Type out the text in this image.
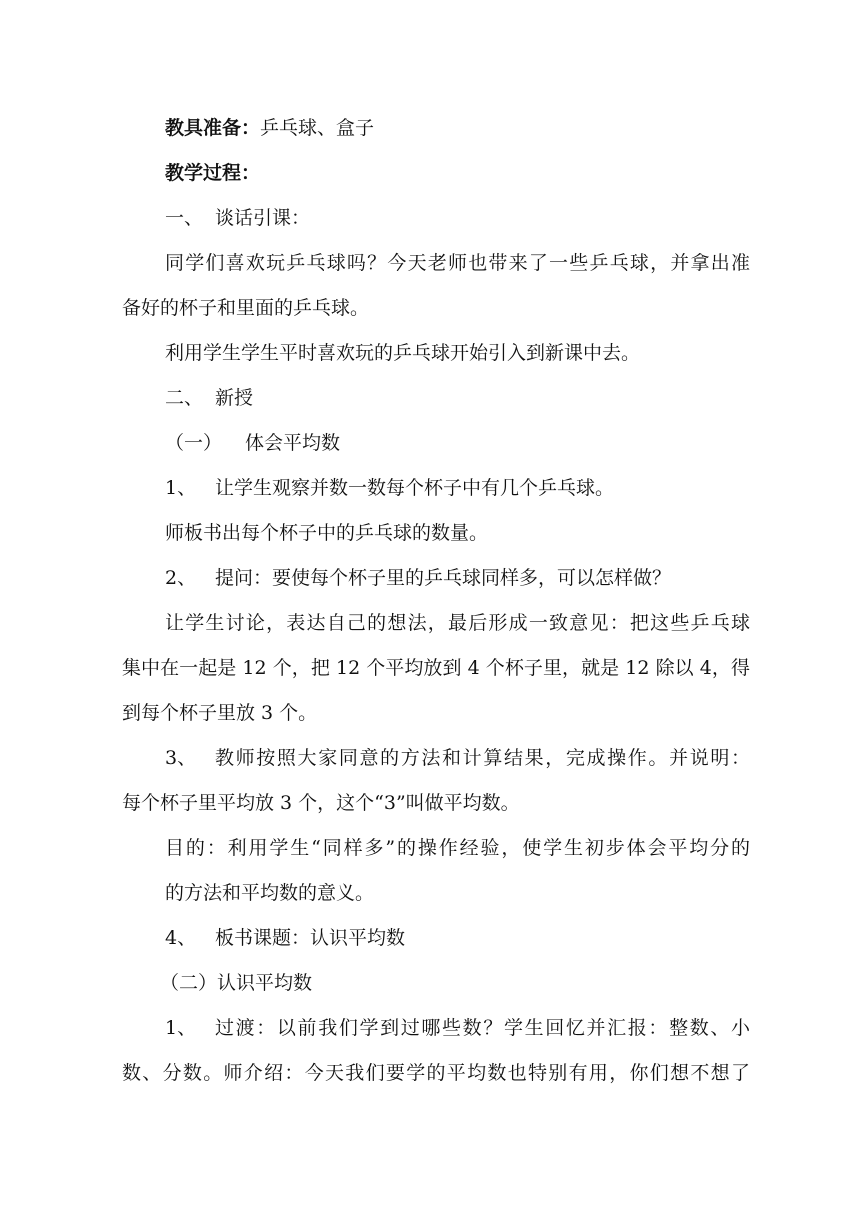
教具准备：乒乓球、盒子
教学过程：
一、 谈话引课：
同学们喜欢玩乒乓球吗？今天老师也带来了一些乒乓球，并拿出准
备好的杯子和里面的乒乓球。
利用学生学生平时喜欢玩的乒乓球开始引入到新课中去。
二、 新授
（一） 体会平均数
1、 让学生观察并数一数每个杯子中有几个乒乓球。
师板书出每个杯子中的乒乓球的数量。
2、 提问：要使每个杯子里的乒乓球同样多，可以怎样做？
让学生讨论，表达自己的想法，最后形成一致意见：把这些乒乓球
集中在一起是 12 个，把 12 个平均放到 4 个杯子里，就是 12 除以 4，得
到每个杯子里放 3 个。
3、 教师按照大家同意的方法和计算结果，完成操作。并说明：
每个杯子里平均放 3 个，这个“3”叫做平均数。
目的：利用学生“同样多”的操作经验，使学生初步体会平均分的
的方法和平均数的意义。
4、 板书课题：认识平均数
（二）认识平均数
1、 过渡：以前我们学到过哪些数？学生回忆并汇报：整数、小
数、分数。师介绍：今天我们要学的平均数也特别有用，你们想不想了
